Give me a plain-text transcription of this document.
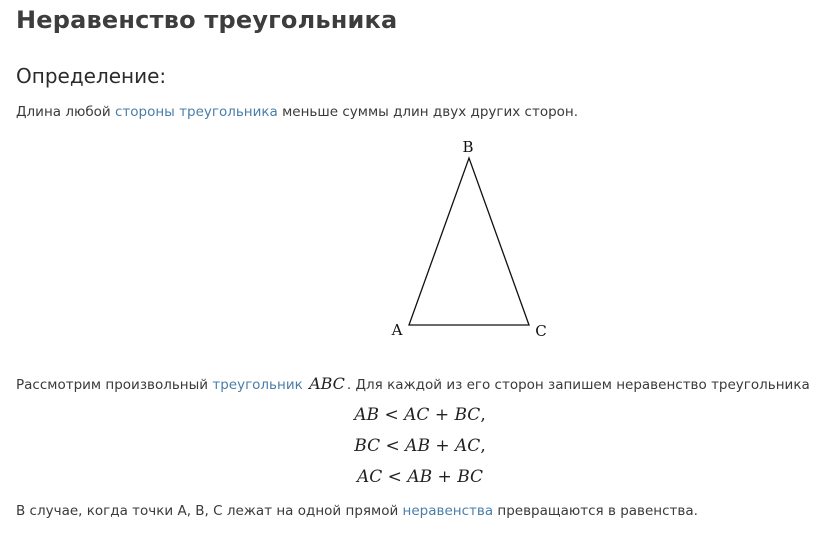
Неравенство треугольника
Определение:

Длина любой стороны треугольника меньше суммы длин двух других сторон.

B
A	C

Рассмотрим произвольный треугольник ABC . Для каждой из его сторон запишем неравенство треугольника

AB < AC + BC,
BC < AB + AC,
AC < AB + BC

В случае, когда точки A, B, C лежат на одной прямой неравенства превращаются в равенства.
